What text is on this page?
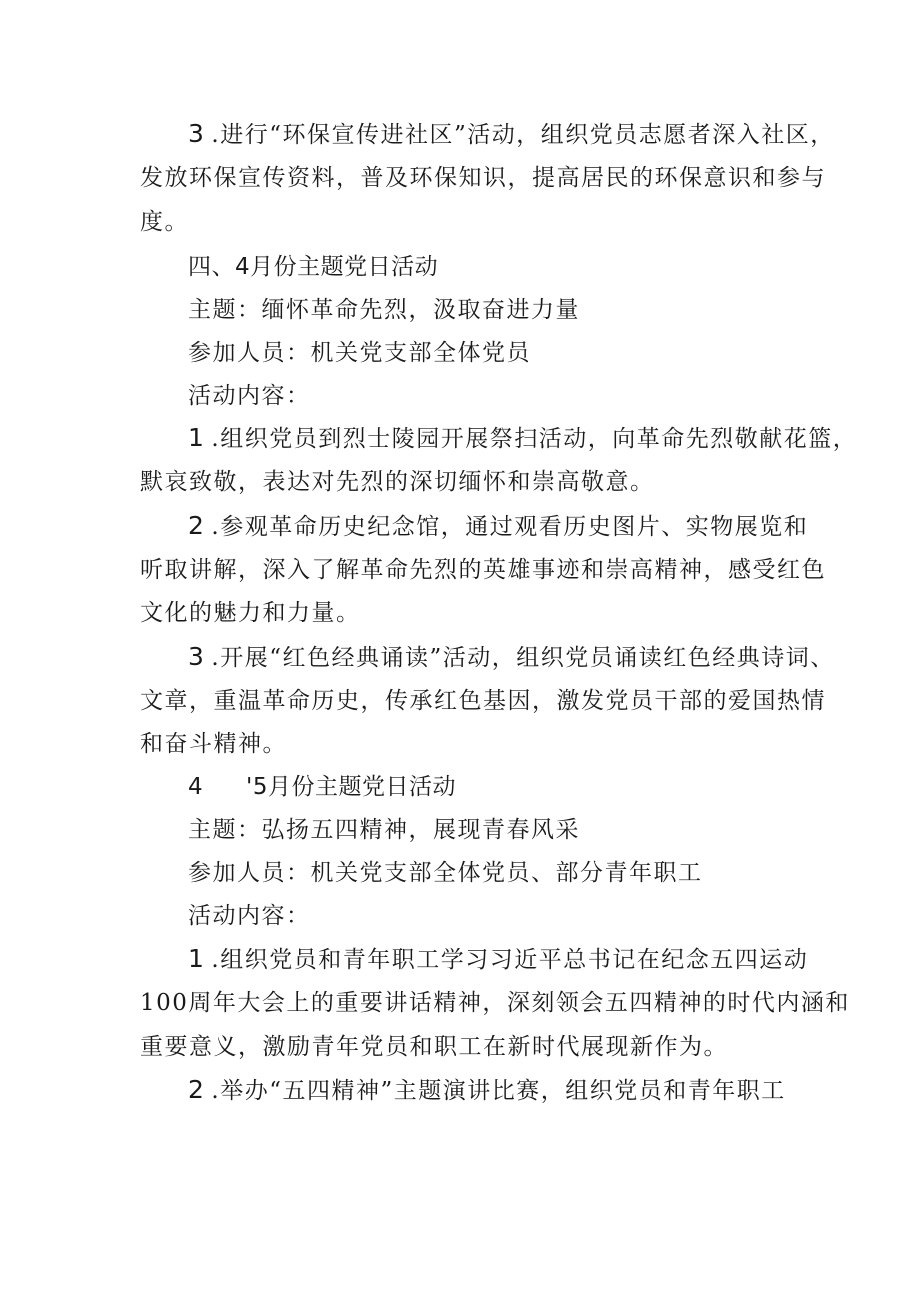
3 .进行“环保宣传进社区”活动，组织党员志愿者深入社区，
发放环保宣传资料，普及环保知识，提高居民的环保意识和参与
度。
四、4月份主题党日活动
主题：缅怀革命先烈，汲取奋进力量
参加人员：机关党支部全体党员
活动内容：
1 .组织党员到烈士陵园开展祭扫活动，向革命先烈敬献花篮，
默哀致敬，表达对先烈的深切缅怀和崇高敬意。
2 .参观革命历史纪念馆，通过观看历史图片、实物展览和
听取讲解，深入了解革命先烈的英雄事迹和崇高精神，感受红色
文化的魅力和力量。
3 .开展“红色经典诵读”活动，组织党员诵读红色经典诗词、
文章，重温革命历史，传承红色基因，激发党员干部的爱国热情
和奋斗精神。
4 '5月份主题党日活动
主题：弘扬五四精神，展现青春风采
参加人员：机关党支部全体党员、部分青年职工
活动内容：
1 .组织党员和青年职工学习习近平总书记在纪念五四运动
100周年大会上的重要讲话精神，深刻领会五四精神的时代内涵和
重要意义，激励青年党员和职工在新时代展现新作为。
2 .举办“五四精神”主题演讲比赛，组织党员和青年职工
